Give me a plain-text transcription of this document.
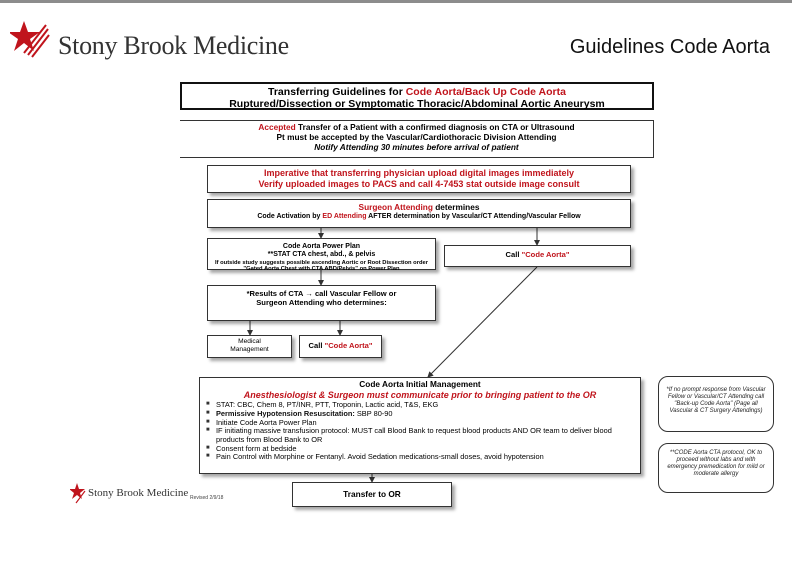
Stony Brook Medicine	Guidelines Code Aorta
Transferring Guidelines for Code Aorta/Back Up Code Aorta
Ruptured/Dissection or Symptomatic Thoracic/Abdominal Aortic Aneurysm
Accepted Transfer of a Patient with a confirmed diagnosis on CTA or Ultrasound
Pt must be accepted by the Vascular/Cardiothoracic Division Attending
Notify Attending 30 minutes before arrival of patient
Imperative that transferring physician upload digital images immediately
Verify uploaded images to PACS and call 4-7453 stat outside image consult
Surgeon Attending determines
Code Activation by ED Attending AFTER determination by Vascular/CT Attending/Vascular Fellow
Code Aorta Power Plan
**STAT CTA chest, abd., & pelvis
If outside study suggests possible ascending Aortic or Root Dissection order
"Gated Aorta Chest with CTA ABD/Pelvis" on Power Plan
Call "Code Aorta"
*Results of CTA → call Vascular Fellow or
Surgeon Attending who determines:
Medical
Management	Call "Code Aorta"
Code Aorta Initial Management
Anesthesiologist & Surgeon must communicate prior to bringing patient to the OR
■ STAT: CBC, Chem 8, PT/INR, PTT, Troponin, Lactic acid, T&S, EKG
■ Permissive Hypotension Resuscitation: SBP 80-90
■ Initiate Code Aorta Power Plan
■ IF initiating massive transfusion protocol: MUST call Blood Bank to request blood products AND OR team to deliver blood products from Blood Bank to OR
■ Consent form at bedside
■ Pain Control with Morphine or Fentanyl. Avoid Sedation medications-small doses, avoid hypotension
Transfer to OR
*If no prompt response from Vascular Fellow or Vascular/CT Attending call "Back-up Code Aorta" (Page all Vascular & CT Surgery Attendings)
**CODE Aorta CTA protocol, OK to proceed without labs and with emergency premedication for mild or moderate allergy
Stony Brook Medicine Revised 2/9/18
